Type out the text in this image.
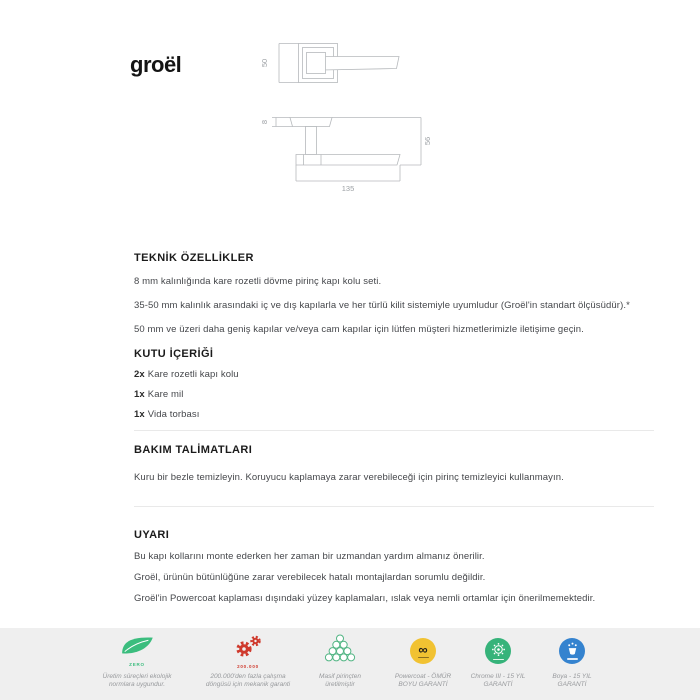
groël	50
8
56
135
TEKNİK ÖZELLİKLER

8 mm kalınlığında kare rozetli dövme pirinç kapı kolu seti.

35-50 mm kalınlık arasındaki iç ve dış kapılarla ve her türlü kilit sistemiyle uyumludur (Groël'in standart ölçüsüdür).*

50 mm ve üzeri daha geniş kapılar ve/veya cam kapılar için lütfen müşteri hizmetlerimizle iletişime geçin.

KUTU İÇERİĞİ
2x Kare rozetli kapı kolu
1x Kare mil
1x Vida torbası
BAKIM TALİMATLARI

Kuru bir bezle temizleyin. Koruyucu kaplamaya zarar verebileceği için pirinç temizleyici kullanmayın.

UYARI

Bu kapı kollarını monte ederken her zaman bir uzmandan yardım almanız önerilir.

Groël, ürünün bütünlüğüne zarar verebilecek hatalı montajlardan sorumlu değildir.

Groël'in Powercoat kaplaması dışındaki yüzey kaplamaları, ıslak veya nemli ortamlar için önerilmemektedir.

ZERO
Üretim süreçleri ekolojik
normlara uygundur.
200.000
200.000'den fazla çalışma
döngüsü için mekanik garanti
Masif pirinçten
üretilmiştir
∞
Powercoat - ÖMÜR
BOYU GARANTİ
Chrome III - 15 YIL
GARANTİ
Boya - 15 YIL
GARANTİ
